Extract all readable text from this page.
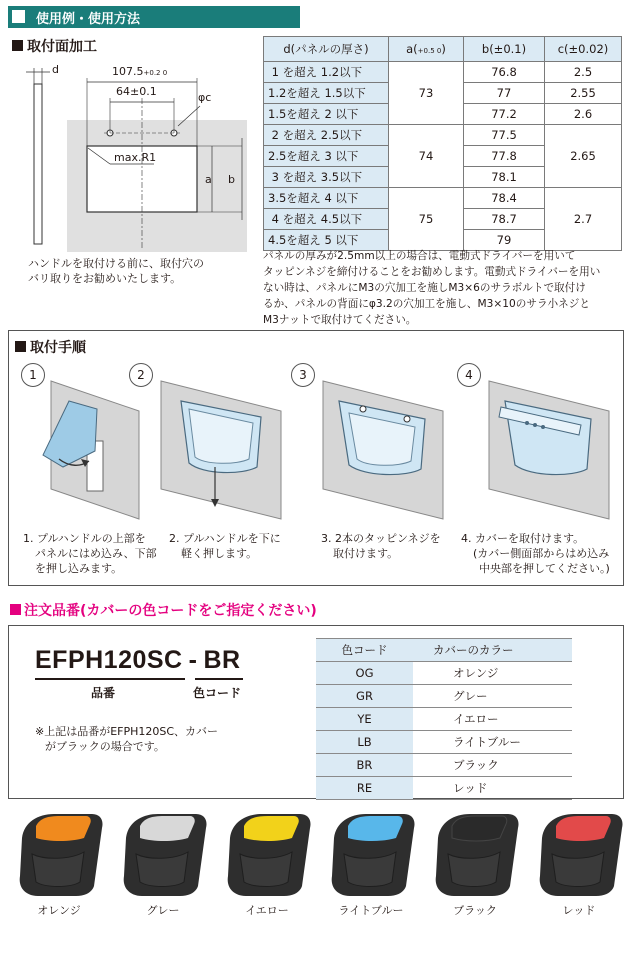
使用例・使用方法
取付面加工
d	107.5+0.2 0
64±0.1	φc
max.R1
a b
ハンドルを取付ける前に、取付穴の
バリ取りをお勧めいたします。
d(パネルの厚さ)	a(+0.5 0)	b(±0.1)	c(±0.02)
1 を超え 1.2以下	73	76.8	2.5
1.2を超え 1.5以下		77	2.55
1.5を超え 2 以下		77.2	2.6
2 を超え 2.5以下	74	77.5	2.65
2.5を超え 3 以下		77.8	
3 を超え 3.5以下		78.1	
3.5を超え 4 以下	75	78.4	2.7
4 を超え 4.5以下		78.7	
4.5を超え 5 以下		79	
パネルの厚みが2.5mm以上の場合は、電動式ドライバーを用いて
タッピンネジを締付けることをお勧めします。電動式ドライバーを用い
ない時は、パネルにM3の穴加工を施しM3×6のサラボルトで取付け
るか、パネルの背面にφ3.2の穴加工を施し、M3×10のサラ小ネジと
M3ナットで取付けてください。
取付手順
1	2	3	4
1. プルハンドルの上部を
パネルにはめ込み、下部
を押し込みます。
2. プルハンドルを下に
軽く押します。
3. 2本のタッピンネジを
取付けます。
4. カバーを取付けます。
(カバー側面部からはめ込み
中央部を押してください。)
注文品番(カバーの色コードをご指定ください)
EFPH120SC - BR
品番	色コード
※上記は品番がEFPH120SC、カバー
がブラックの場合です。
色コード	カバーのカラー
OG	オレンジ
GR	グレー
YE	イエロー
LB	ライトブルー
BR	ブラック
RE	レッド
オレンジ	グレー	イエロー	ライトブルー	ブラック	レッド
